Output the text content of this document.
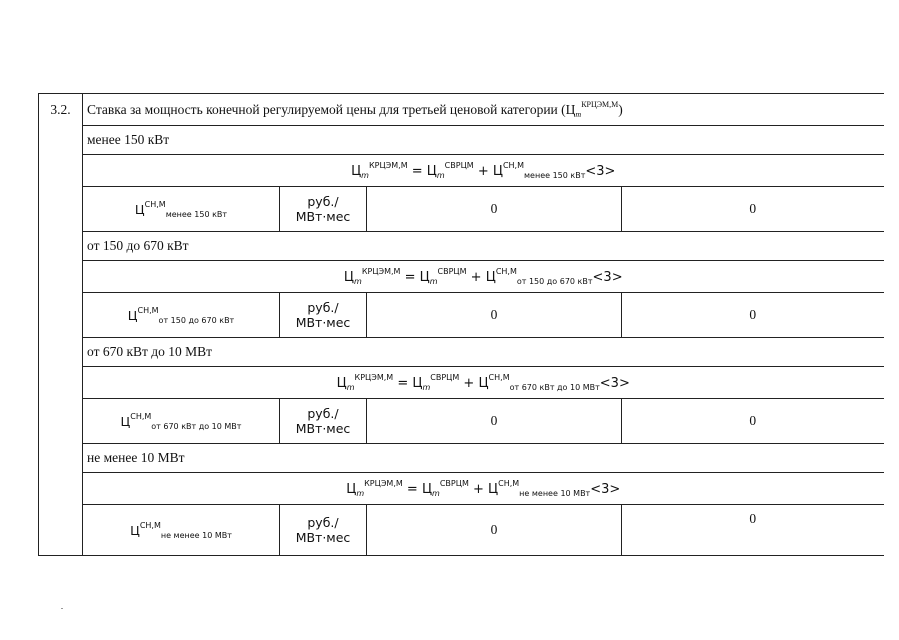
3.2.	Ставка за мощность конечной регулируемой цены для третьей ценовой категории $(Ц_m^{КРЦЭМ,М})$			
	менее 150 кВт			
	$Ц_m^{КРЦЭМ,М} = Ц_m^{СВРЦМ} + Ц^{СН,М}_{менее 150 кВт}<3>$			
	$Ц^{СН,М}_{менее 150 кВт}$	руб./
МВт·мес	0	0
	от 150 до 670 кВт			
	$Ц_m^{КРЦЭМ,М} = Ц_m^{СВРЦМ} + Ц^{СН,М}_{от 150 до 670 кВт}<3>$			
	$Ц^{СН,М}_{от 150 до 670 кВт}$	руб./
МВт·мес	0	0
	от 670 кВт до 10 МВт			
	$Ц_m^{КРЦЭМ,М} = Ц_m^{СВРЦМ} + Ц^{СН,М}_{от 670 кВт до 10 МВт}<3>$			
	$Ц^{СН,М}_{от 670 кВт до 10 МВт}$	руб./
МВт·мес	0	0
	не менее 10 МВт			
	$Ц_m^{КРЦЭМ,М} = Ц_m^{СВРЦМ} + Ц^{СН,М}_{не менее 10 МВт}<3>$			
	$Ц^{СН,М}_{не менее 10 МВт}$	руб./
МВт·мес	0	0
